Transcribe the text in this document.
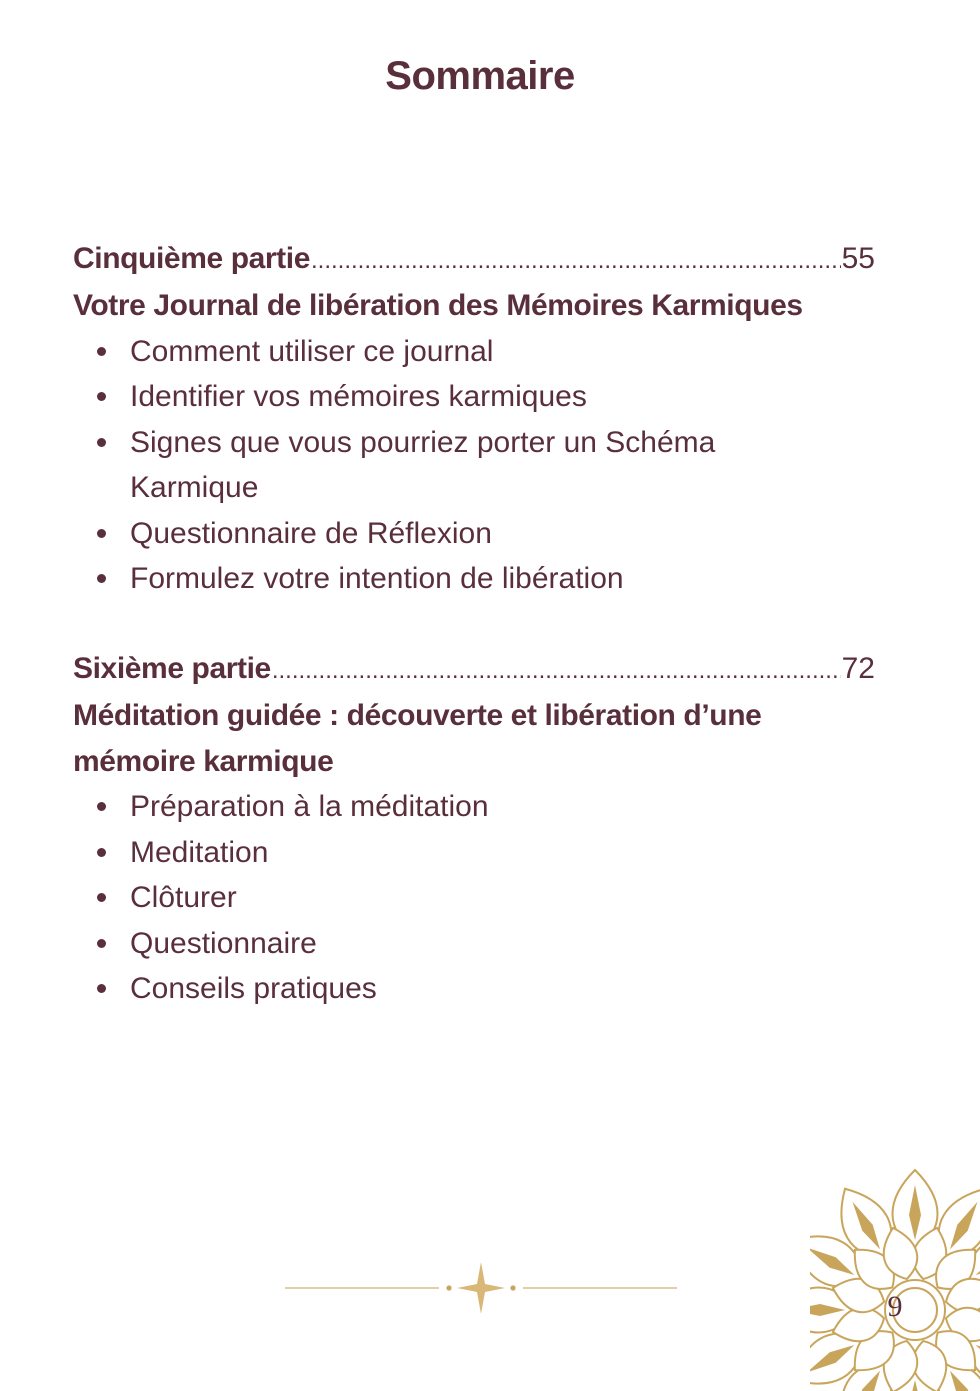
Sommaire
Cinquième partie .....	55

Votre Journal de libération des Mémoires Karmiques

Comment utiliser ce journal
Identifier vos mémoires karmiques
Signes que vous pourriez porter un Schéma Karmique
Questionnaire de Réflexion
Formulez votre intention de libération
Sixième partie .....	72

Méditation guidée : découverte et libération d’une mémoire karmique

Préparation à la méditation
Meditation
Clôturer
Questionnaire
Conseils pratiques
9
